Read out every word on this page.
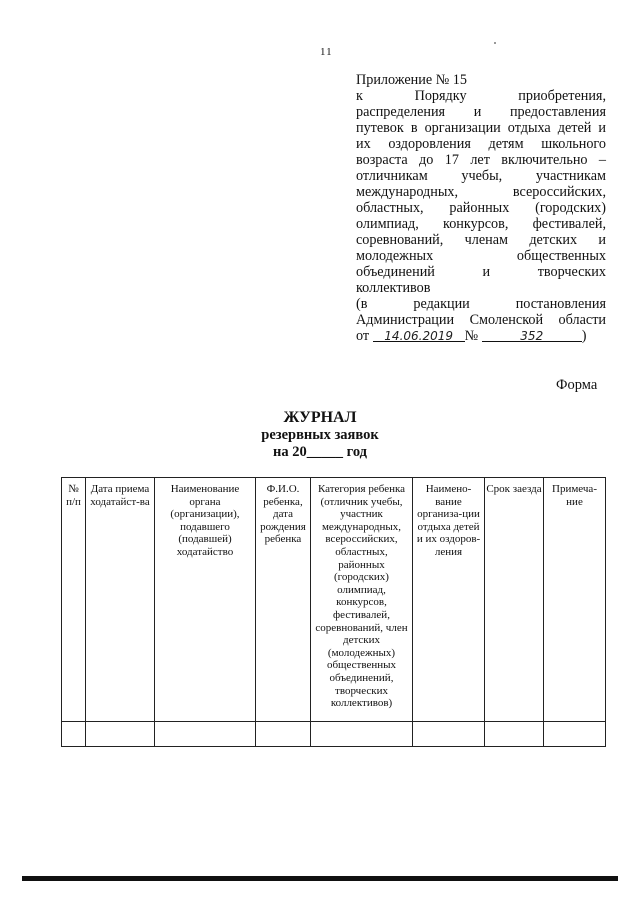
11
Приложение № 15
к Порядку приобретения,
распределения и предоставления
путевок в организации отдыха детей и
их оздоровления детям школьного
возраста до 17 лет включительно –
отличникам учебы, участникам
международных, всероссийских,
областных, районных (городских)
олимпиад, конкурсов, фестивалей,
соревнований, членам детских и
молодежных общественных
объединений и творческих
коллективов
(в редакции постановления
Администрации Смоленской области
от 14.06.2019 №	352	)
Форма
ЖУРНАЛ
резервных заявок
на 20_____ год
№ п/п	Дата приема ходатайст-ва	Наименование органа (организации), подавшего (подавшей) ходатайство	Ф.И.О. ребенка, дата рождения ребенка	Категория ребенка (отличник учебы, участник международных, всероссийских, областных, районных (городских) олимпиад, конкурсов, фестивалей, соревнований, член детских (молодежных) общественных объединений, творческих коллективов)	Наимено-вание организа-ции отдыха детей и их оздоров-ления	Срок заезда	Примеча-ние
